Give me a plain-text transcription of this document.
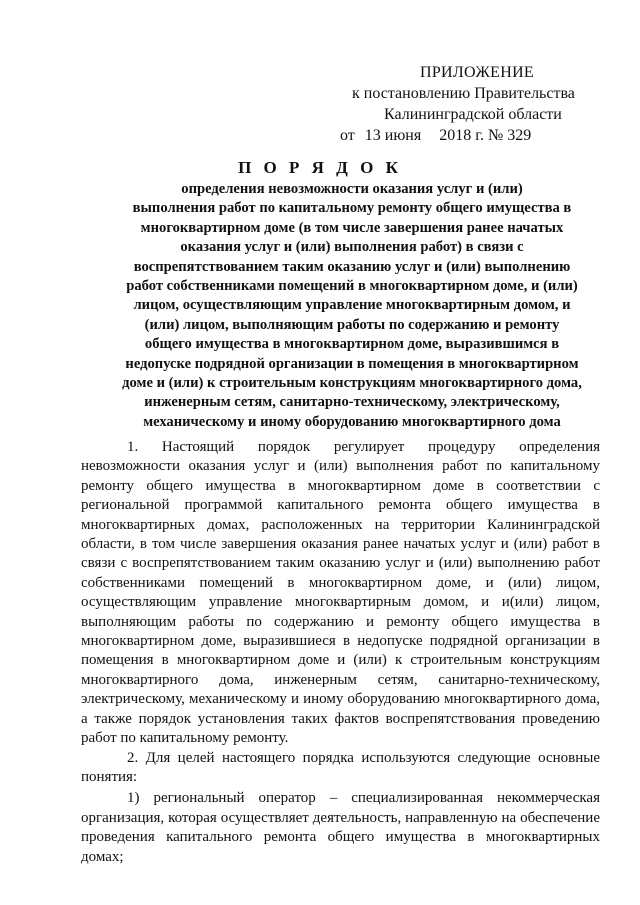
ПРИЛОЖЕНИЕ
к постановлению Правительства
Калининградской области
от 13 июня 2018 г. № 329
П О Р Я Д О К
определения невозможности оказания услуг и (или)
выполнения работ по капитальному ремонту общего имущества в
многоквартирном доме (в том числе завершения ранее начатых
оказания услуг и (или) выполнения работ) в связи с
воспрепятствованием таким оказанию услуг и (или) выполнению
работ собственниками помещений в многоквартирном доме, и (или)
лицом, осуществляющим управление многоквартирным домом, и
(или) лицом, выполняющим работы по содержанию и ремонту
общего имущества в многоквартирном доме, выразившимся в
недопуске подрядной организации в помещения в многоквартирном
доме и (или) к строительным конструкциям многоквартирного дома,
инженерным сетям, санитарно-техническому, электрическому,
механическому и иному оборудованию многоквартирного дома

1. Настоящий порядок регулирует процедуру определения невозможности оказания услуг и (или) выполнения работ по капитальному ремонту общего имущества в многоквартирном доме в соответствии с региональной программой капитального ремонта общего имущества в многоквартирных домах, расположенных на территории Калининградской области, в том числе завершения оказания ранее начатых услуг и (или) работ в связи с воспрепятствованием таким оказанию услуг и (или) выполнению работ собственниками помещений в многоквартирном доме, и (или) лицом, осуществляющим управление многоквартирным домом, и и(или) лицом, выполняющим работы по содержанию и ремонту общего имущества в многоквартирном доме, выразившиеся в недопуске подрядной организации в помещения в многоквартирном доме и (или) к строительным конструкциям многоквартирного дома, инженерным сетям, санитарно-техническому, электрическому, механическому и иному оборудованию многоквартирного дома, а также порядок установления таких фактов воспрепятствования проведению работ по капитальному ремонту.

2. Для целей настоящего порядка используются следующие основные понятия:

1) региональный оператор – специализированная некоммерческая организация, которая осуществляет деятельность, направленную на обеспечение проведения капитального ремонта общего имущества в многоквартирных домах;
